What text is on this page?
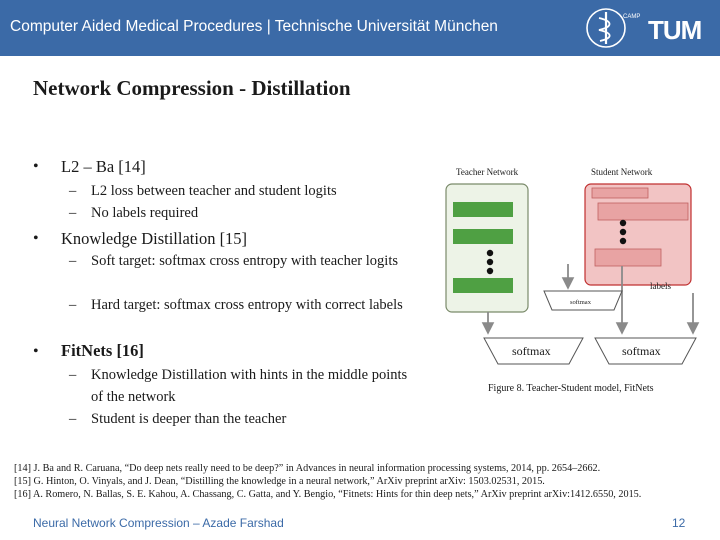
Computer Aided Medical Procedures | Technische Universität München
CAMP TUM
Network Compression - Distillation
• L2 – Ba [14]
– L2 loss between teacher and student logits
– No labels required
• Knowledge Distillation [15]
– Soft target: softmax cross entropy with teacher logits
– Hard target: softmax cross entropy with correct labels
• FitNets [16]
– Knowledge Distillation with hints in the middle points of the network
– Student is deeper than the teacher
Teacher Network	Student Network
softmax
labels
softmax	softmax
Figure 8. Teacher-Student model, FitNets
[14] J. Ba and R. Caruana, “Do deep nets really need to be deep?” in Advances in neural information processing systems, 2014, pp. 2654–2662.
[15] G. Hinton, O. Vinyals, and J. Dean, “Distilling the knowledge in a neural network,” ArXiv preprint arXiv: 1503.02531, 2015.
[16] A. Romero, N. Ballas, S. E. Kahou, A. Chassang, C. Gatta, and Y. Bengio, “Fitnets: Hints for thin deep nets,” ArXiv preprint arXiv:1412.6550, 2015.
Neural Network Compression – Azade Farshad	12
